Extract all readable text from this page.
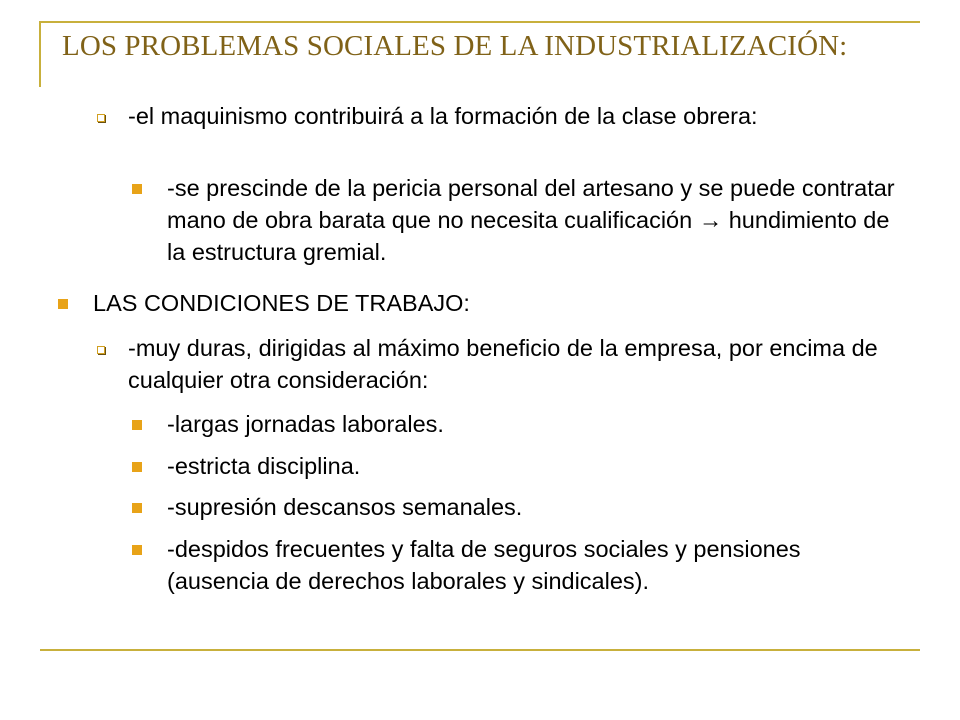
LOS PROBLEMAS SOCIALES DE LA INDUSTRIALIZACIÓN:
-el maquinismo contribuirá a la formación de la clase obrera:
-se prescinde de la pericia personal del artesano y se puede contratar mano de obra barata que no necesita cualificación → hundimiento de la estructura gremial.
LAS CONDICIONES DE TRABAJO:
-muy duras, dirigidas al máximo beneficio de la empresa, por encima de cualquier otra consideración:
-largas jornadas laborales.
-estricta disciplina.
-supresión descansos semanales.
-despidos frecuentes y falta de seguros sociales y pensiones (ausencia de derechos laborales y sindicales).
